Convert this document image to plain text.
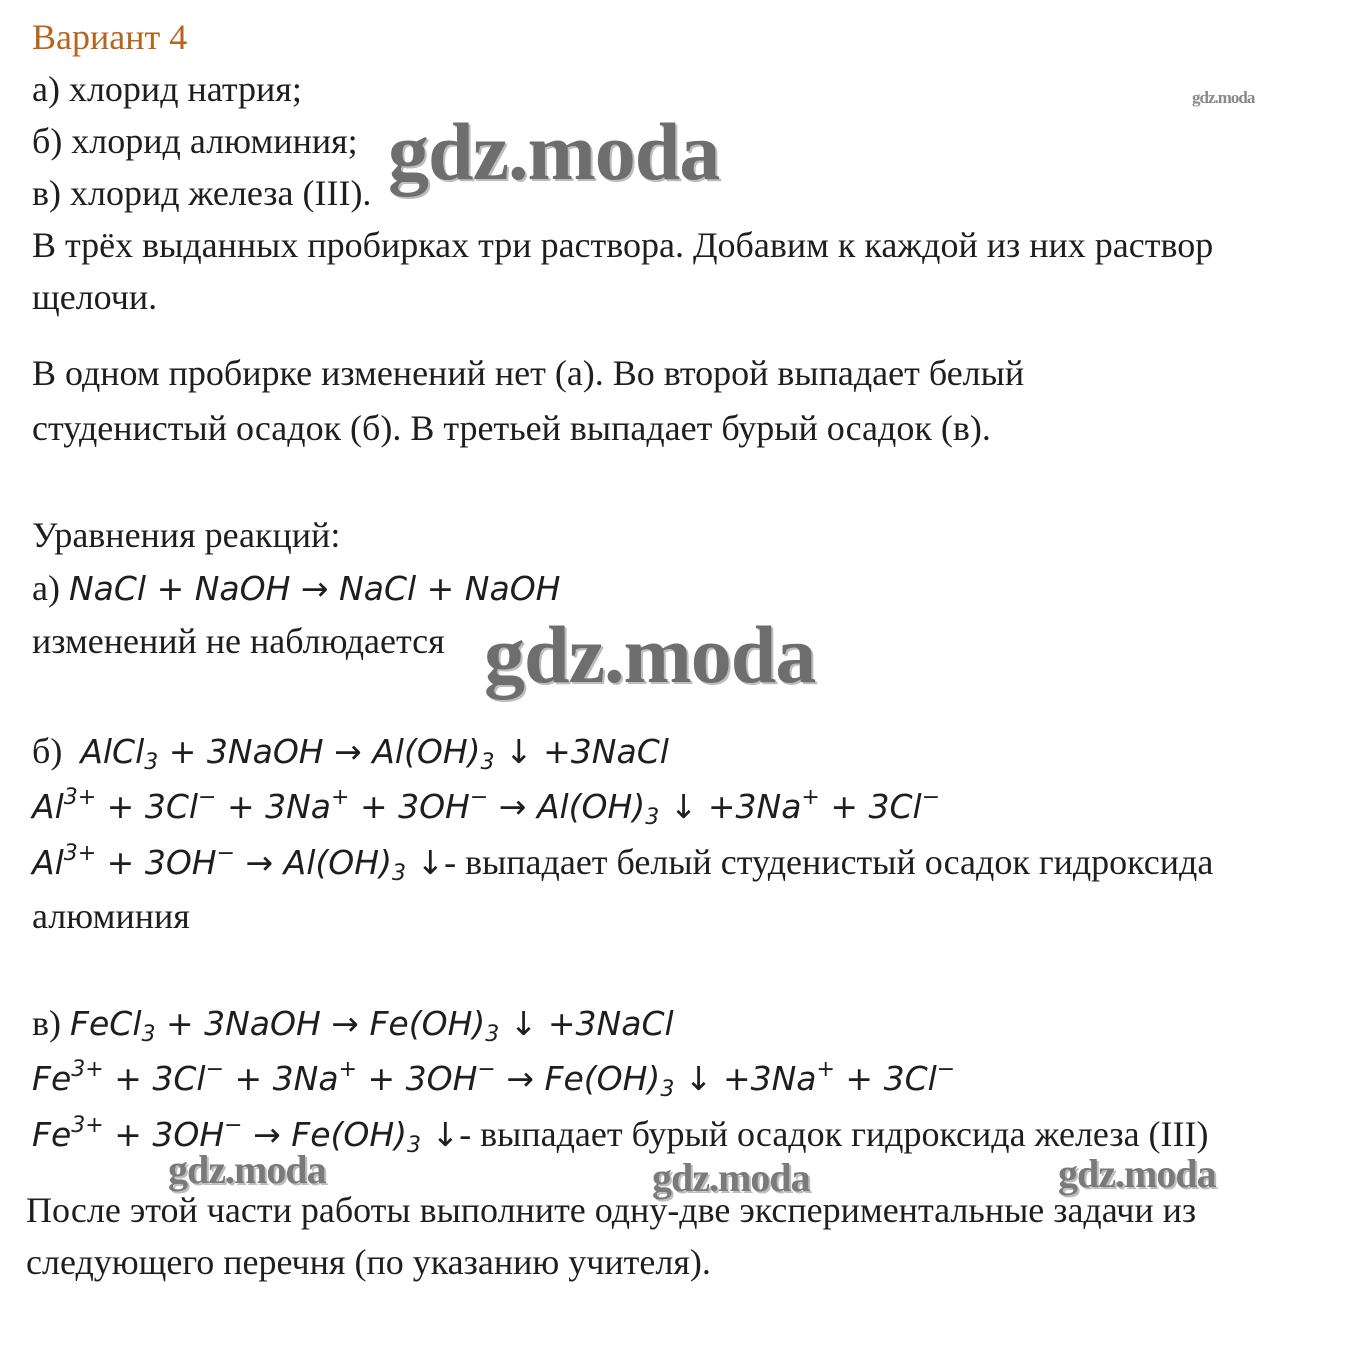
Вариант 4
а) хлорид натрия;
б) хлорид алюминия;
в) хлорид железа (III).
В трёх выданных пробирках три раствора. Добавим к каждой из них раствор
щелочи.
В одном пробирке изменений нет (а). Во второй выпадает белый
студенистый осадок (б). В третьей выпадает бурый осадок (в).
Уравнения реакций:
а) NaCl + NaOH → NaCl + NaOH
изменений не наблюдается
б) AlCl$_3$ + 3NaOH → $Al(OH)_3$ ↓ +3NaCl
$Al^{3+} + 3Cl^- + 3Na^+ + 3OH^- \to Al(OH)_3$ ↓ +3Na+ + 3Cl−
$Al^{3+} + 3OH^- \to Al(OH)_3$ ↓- выпадает белый студенистый осадок гидроксида
алюминия
в) FeCl$_3$ + 3NaOH → $Fe(OH)_3$ ↓ +3NaCl
$Fe^{3+} + 3Cl^- + 3Na^+ + 3OH^- \to Fe(OH)_3$ ↓ +3Na+ + 3Cl−
$Fe^{3+} + 3OH^- \to Fe(OH)_3$ ↓- выпадает бурый осадок гидроксида железа (III)
После этой части работы выполните одну-две экспериментальные задачи из
следующего перечня (по указанию учителя).
gdz.moda
gdz.moda
gdz.moda
gdz.moda	gdz.moda	gdz.moda
